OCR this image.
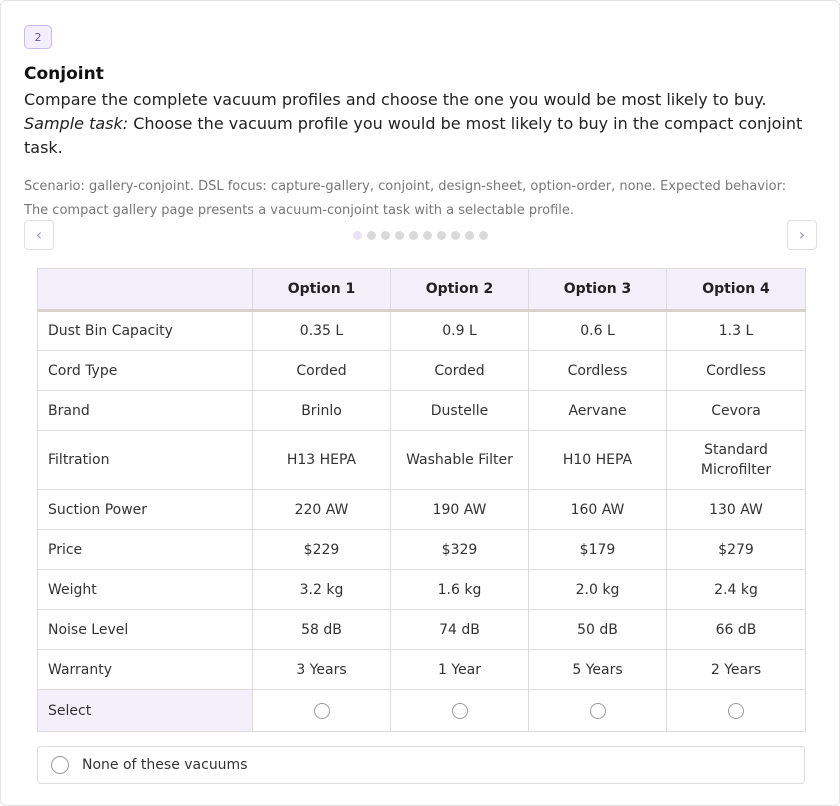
2
Conjoint
Compare the complete vacuum profiles and choose the one you would be most likely to buy.
Sample task: Choose the vacuum profile you would be most likely to buy in the compact conjoint task.
Scenario: gallery-conjoint. DSL focus: capture-gallery, conjoint, design-sheet, option-order, none. Expected behavior: The compact gallery page presents a vacuum-conjoint task with a selectable profile.
‹	›
	Option 1	Option 2	Option 3	Option 4
Dust Bin Capacity	0.35 L	0.9 L	0.6 L	1.3 L
Cord Type	Corded	Corded	Cordless	Cordless
Brand	Brinlo	Dustelle	Aervane	Cevora
Filtration	H13 HEPA	Washable Filter	H10 HEPA	Standard Microfilter
Suction Power	220 AW	190 AW	160 AW	130 AW
Price	$229	$329	$179	$279
Weight	3.2 kg	1.6 kg	2.0 kg	2.4 kg
Noise Level	58 dB	74 dB	50 dB	66 dB
Warranty	3 Years	1 Year	5 Years	2 Years
Select				
None of these vacuums
